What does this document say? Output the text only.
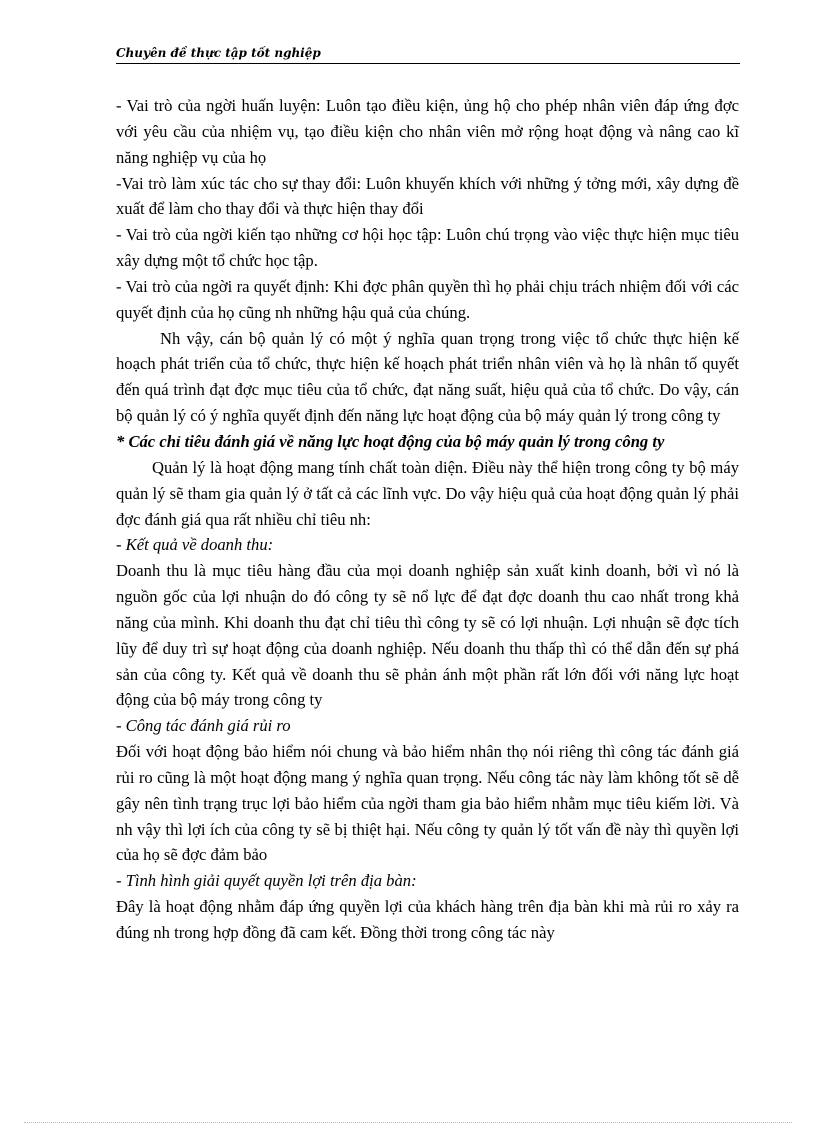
Chuyên đề thực tập tốt nghiệp

- Vai trò của ngời huấn luyện: Luôn tạo điều kiện, ủng hộ cho phép nhân viên đáp ứng đợc với yêu cầu của nhiệm vụ, tạo điều kiện cho nhân viên mở rộng hoạt động và nâng cao kĩ năng nghiệp vụ của họ

-Vai trò làm xúc tác cho sự thay đổi: Luôn khuyến khích với những ý tởng mới, xây dựng đề xuất để làm cho thay đổi và thực hiện thay đổi

- Vai trò của ngời kiến tạo những cơ hội học tập: Luôn chú trọng vào việc thực hiện mục tiêu xây dựng một tổ chức học tập.

- Vai trò của ngời ra quyết định: Khi đợc phân quyền thì họ phải chịu trách nhiệm đối với các quyết định của họ cũng nh những hậu quả của chúng.

Nh vậy, cán bộ quản lý có một ý nghĩa quan trọng trong việc tổ chức thực hiện kế hoạch phát triển của tổ chức, thực hiện kế hoạch phát triển nhân viên và họ là nhân tố quyết đến quá trình đạt đợc mục tiêu của tổ chức, đạt năng suất, hiệu quả của tổ chức. Do vậy, cán bộ quản lý có ý nghĩa quyết định đến năng lực hoạt động của bộ máy quản lý trong công ty

* Các chỉ tiêu đánh giá về năng lực hoạt động của bộ máy quản lý trong công ty

Quản lý là hoạt động mang tính chất toàn diện. Điều này thể hiện trong công ty bộ máy quản lý sẽ tham gia quản lý ở tất cả các lĩnh vực. Do vậy hiệu quả của hoạt động quản lý phải đợc đánh giá qua rất nhiều chỉ tiêu nh:

- Kết quả về doanh thu:

Doanh thu là mục tiêu hàng đầu của mọi doanh nghiệp sản xuất kinh doanh, bởi vì nó là nguồn gốc của lợi nhuận do đó công ty sẽ nổ lực để đạt đợc doanh thu cao nhất trong khả năng của mình. Khi doanh thu đạt chỉ tiêu thì công ty sẽ có lợi nhuận. Lợi nhuận sẽ đợc tích lũy để duy trì sự hoạt động của doanh nghiệp. Nếu doanh thu thấp thì có thể dẫn đến sự phá sản của công ty. Kết quả về doanh thu sẽ phản ánh một phần rất lớn đối với năng lực hoạt động của bộ máy trong công ty

- Công tác đánh giá rủi ro

Đối với hoạt động bảo hiểm nói chung và bảo hiểm nhân thọ nói riêng thì công tác đánh giá rủi ro cũng là một hoạt động mang ý nghĩa quan trọng. Nếu công tác này làm không tốt sẽ dễ gây nên tình trạng trục lợi bảo hiểm của ngời tham gia bảo hiểm nhằm mục tiêu kiếm lời. Và nh vậy thì lợi ích của công ty sẽ bị thiệt hại. Nếu công ty quản lý tốt vấn đề này thì quyền lợi của họ sẽ đợc đảm bảo

- Tình hình giải quyết quyền lợi trên địa bàn:

Đây là hoạt động nhằm đáp ứng quyền lợi của khách hàng trên địa bàn khi mà rủi ro xảy ra đúng nh trong hợp đồng đã cam kết. Đồng thời trong công tác này
